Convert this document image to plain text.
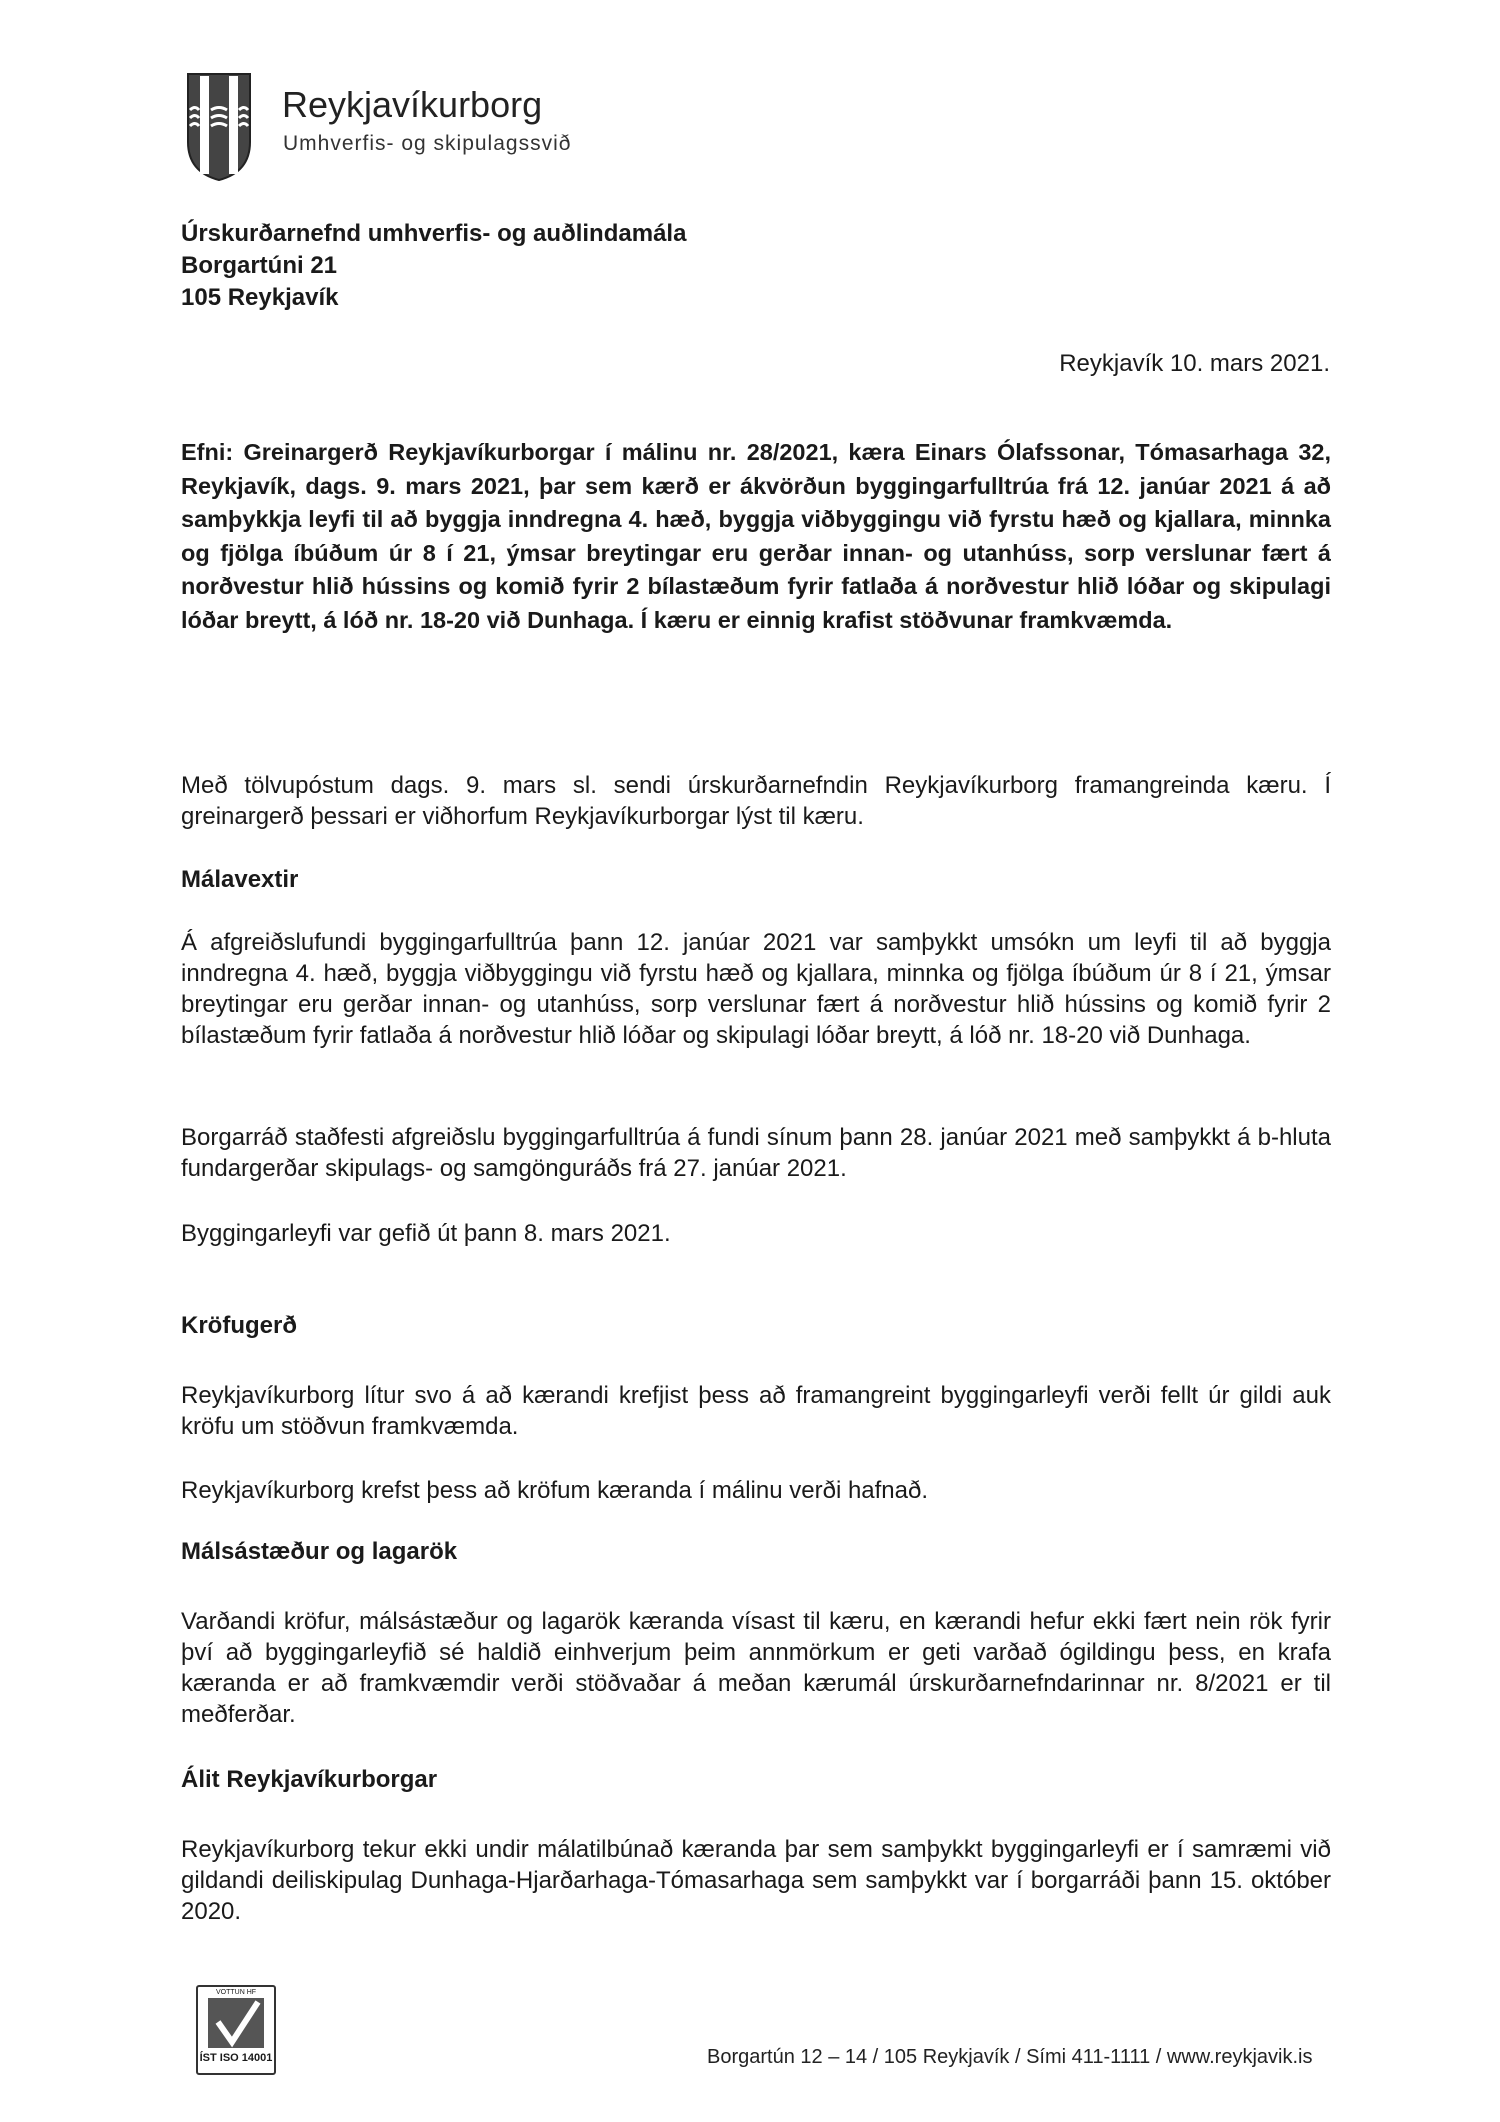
Reykjavíkurborg
Umhverfis- og skipulagssvið
Úrskurðarnefnd umhverfis- og auðlindamála
Borgartúni 21
105 Reykjavík
Reykjavík 10. mars 2021.
Efni: Greinargerð Reykjavíkurborgar í málinu nr. 28/2021, kæra Einars Ólafssonar, Tómasarhaga 32, Reykjavík, dags. 9. mars 2021, þar sem kærð er ákvörðun byggingarfulltrúa frá 12. janúar 2021 á að samþykkja leyfi til að byggja inndregna 4. hæð, byggja viðbyggingu við fyrstu hæð og kjallara, minnka og fjölga íbúðum úr 8 í 21, ýmsar breytingar eru gerðar innan- og utanhúss, sorp verslunar fært á norðvestur hlið hússins og komið fyrir 2 bílastæðum fyrir fatlaða á norðvestur hlið lóðar og skipulagi lóðar breytt, á lóð nr. 18-20 við Dunhaga. Í kæru er einnig krafist stöðvunar framkvæmda.
Með tölvupóstum dags. 9. mars sl. sendi úrskurðarnefndin Reykjavíkurborg framangreinda kæru. Í greinargerð þessari er viðhorfum Reykjavíkurborgar lýst til kæru.
Málavextir
Á afgreiðslufundi byggingarfulltrúa þann 12. janúar 2021 var samþykkt umsókn um leyfi til að byggja inndregna 4. hæð, byggja viðbyggingu við fyrstu hæð og kjallara, minnka og fjölga íbúðum úr 8 í 21, ýmsar breytingar eru gerðar innan- og utanhúss, sorp verslunar fært á norðvestur hlið hússins og komið fyrir 2 bílastæðum fyrir fatlaða á norðvestur hlið lóðar og skipulagi lóðar breytt, á lóð nr. 18-20 við Dunhaga.
Borgarráð staðfesti afgreiðslu byggingarfulltrúa á fundi sínum þann 28. janúar 2021 með samþykkt á b-hluta fundargerðar skipulags- og samgönguráðs frá 27. janúar 2021.
Byggingarleyfi var gefið út þann 8. mars 2021.
Kröfugerð
Reykjavíkurborg lítur svo á að kærandi krefjist þess að framangreint byggingarleyfi verði fellt úr gildi auk kröfu um stöðvun framkvæmda.
Reykjavíkurborg krefst þess að kröfum kæranda í málinu verði hafnað.
Málsástæður og lagarök
Varðandi kröfur, málsástæður og lagarök kæranda vísast til kæru, en kærandi hefur ekki fært nein rök fyrir því að byggingarleyfið sé haldið einhverjum þeim annmörkum er geti varðað ógildingu þess, en krafa kæranda er að framkvæmdir verði stöðvaðar á meðan kærumál úrskurðarnefndarinnar nr. 8/2021 er til meðferðar.
Álit Reykjavíkurborgar
Reykjavíkurborg tekur ekki undir málatilbúnað kæranda þar sem samþykkt byggingarleyfi er í samræmi við gildandi deiliskipulag Dunhaga-Hjarðarhaga-Tómasarhaga sem samþykkt var í borgarráði þann 15. október 2020.
VOTTUN HF
ÍST ISO 14001	Borgartún 12 – 14 / 105 Reykjavík / Sími 411-1111 / www.reykjavik.is
